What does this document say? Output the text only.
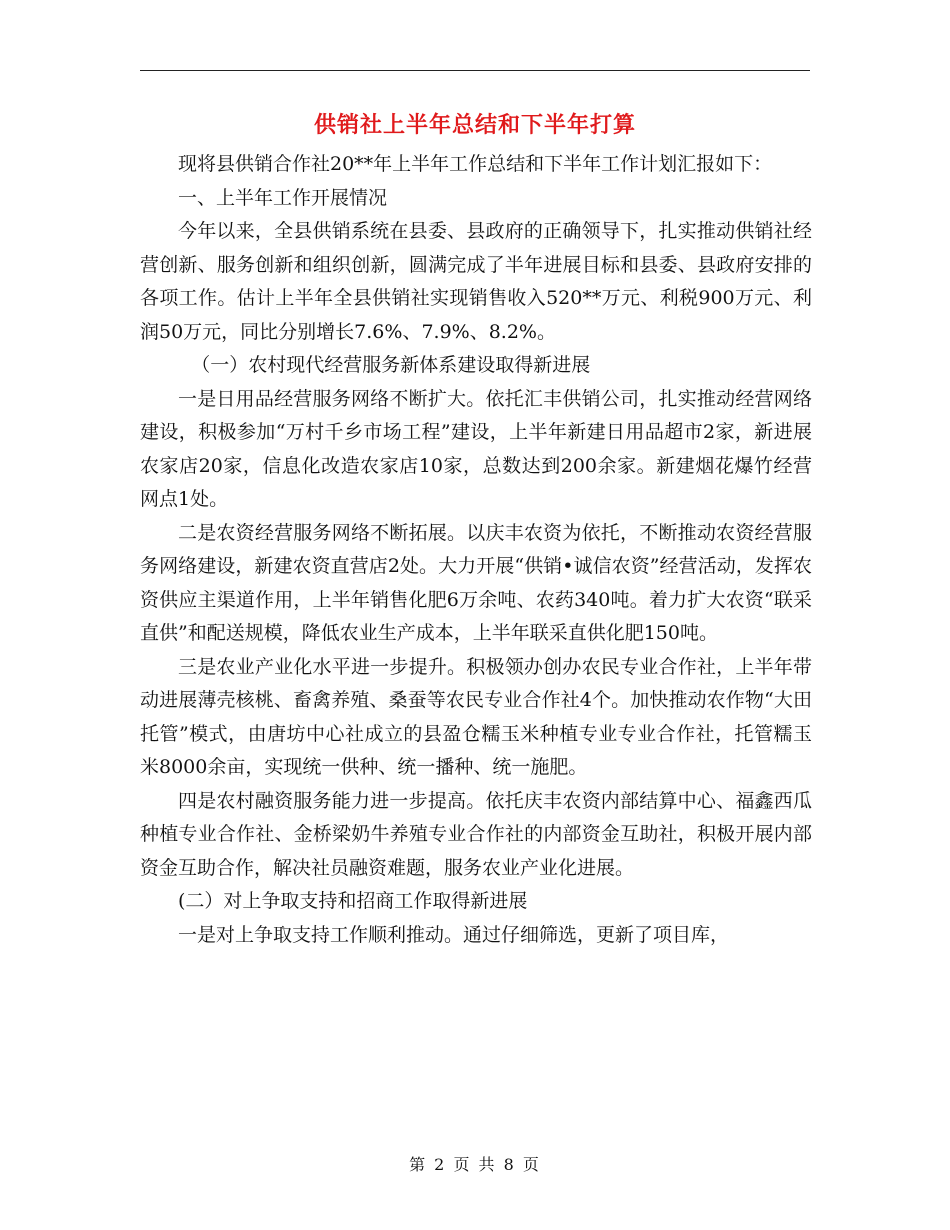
供销社上半年总结和下半年打算

现将县供销合作社20**年上半年工作总结和下半年工作计划汇报如下：

一、上半年工作开展情况

今年以来，全县供销系统在县委、县政府的正确领导下，扎实推动供销社经营创新、服务创新和组织创新，圆满完成了半年进展目标和县委、县政府安排的各项工作。估计上半年全县供销社实现销售收入520**万元、利税900万元、利润50万元，同比分别增长7.6%、7.9%、8.2%。

（一）农村现代经营服务新体系建设取得新进展

一是日用品经营服务网络不断扩大。依托汇丰供销公司，扎实推动经营网络建设，积极参加“万村千乡市场工程”建设，上半年新建日用品超市2家，新进展农家店20家，信息化改造农家店10家，总数达到200余家。新建烟花爆竹经营网点1处。

二是农资经营服务网络不断拓展。以庆丰农资为依托，不断推动农资经营服务网络建设，新建农资直营店2处。大力开展“供销•诚信农资”经营活动，发挥农资供应主渠道作用，上半年销售化肥6万余吨、农药340吨。着力扩大农资“联采直供”和配送规模，降低农业生产成本，上半年联采直供化肥150吨。

三是农业产业化水平进一步提升。积极领办创办农民专业合作社，上半年带动进展薄壳核桃、畜禽养殖、桑蚕等农民专业合作社4个。加快推动农作物“大田托管”模式，由唐坊中心社成立的县盈仓糯玉米种植专业专业合作社，托管糯玉米8000余亩，实现统一供种、统一播种、统一施肥。

四是农村融资服务能力进一步提高。依托庆丰农资内部结算中心、福鑫西瓜种植专业合作社、金桥梁奶牛养殖专业合作社的内部资金互助社，积极开展内部资金互助合作，解决社员融资难题，服务农业产业化进展。

(二）对上争取支持和招商工作取得新进展

一是对上争取支持工作顺利推动。通过仔细筛选，更新了项目库，

第 2 页 共 8 页
